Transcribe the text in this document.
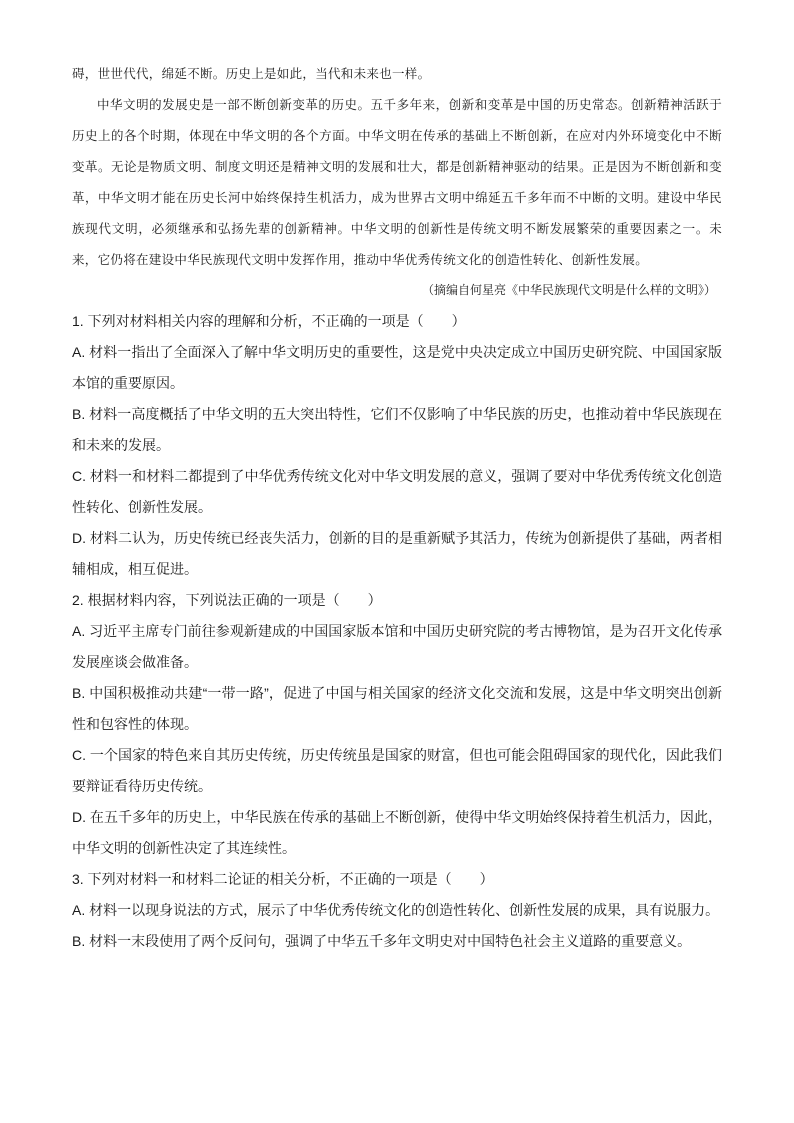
碍，世世代代，绵延不断。历史上是如此，当代和未来也一样。

中华文明的发展史是一部不断创新变革的历史。五千多年来，创新和变革是中国的历史常态。创新精神活跃于历史上的各个时期，体现在中华文明的各个方面。中华文明在传承的基础上不断创新，在应对内外环境变化中不断变革。无论是物质文明、制度文明还是精神文明的发展和壮大，都是创新精神驱动的结果。正是因为不断创新和变革，中华文明才能在历史长河中始终保持生机活力，成为世界古文明中绵延五千多年而不中断的文明。建设中华民族现代文明，必须继承和弘扬先辈的创新精神。中华文明的创新性是传统文明不断发展繁荣的重要因素之一。未来，它仍将在建设中华民族现代文明中发挥作用，推动中华优秀传统文化的创造性转化、创新性发展。

（摘编自何星亮《中华民族现代文明是什么样的文明》）

1. 下列对材料相关内容的理解和分析，不正确的一项是（　　）

A. 材料一指出了全面深入了解中华文明历史的重要性，这是党中央决定成立中国历史研究院、中国国家版本馆的重要原因。

B. 材料一高度概括了中华文明的五大突出特性，它们不仅影响了中华民族的历史，也推动着中华民族现在和未来的发展。

C. 材料一和材料二都提到了中华优秀传统文化对中华文明发展的意义，强调了要对中华优秀传统文化创造性转化、创新性发展。

D. 材料二认为，历史传统已经丧失活力，创新的目的是重新赋予其活力，传统为创新提供了基础，两者相辅相成，相互促进。

2. 根据材料内容，下列说法正确的一项是（　　）

A. 习近平主席专门前往参观新建成的中国国家版本馆和中国历史研究院的考古博物馆，是为召开文化传承发展座谈会做准备。

B. 中国积极推动共建“一带一路”，促进了中国与相关国家的经济文化交流和发展，这是中华文明突出创新性和包容性的体现。

C. 一个国家的特色来自其历史传统，历史传统虽是国家的财富，但也可能会阻碍国家的现代化，因此我们要辩证看待历史传统。

D. 在五千多年的历史上，中华民族在传承的基础上不断创新，使得中华文明始终保持着生机活力，因此，中华文明的创新性决定了其连续性。

3. 下列对材料一和材料二论证的相关分析，不正确的一项是（　　）

A. 材料一以现身说法的方式，展示了中华优秀传统文化的创造性转化、创新性发展的成果，具有说服力。

B. 材料一末段使用了两个反问句，强调了中华五千多年文明史对中国特色社会主义道路的重要意义。
